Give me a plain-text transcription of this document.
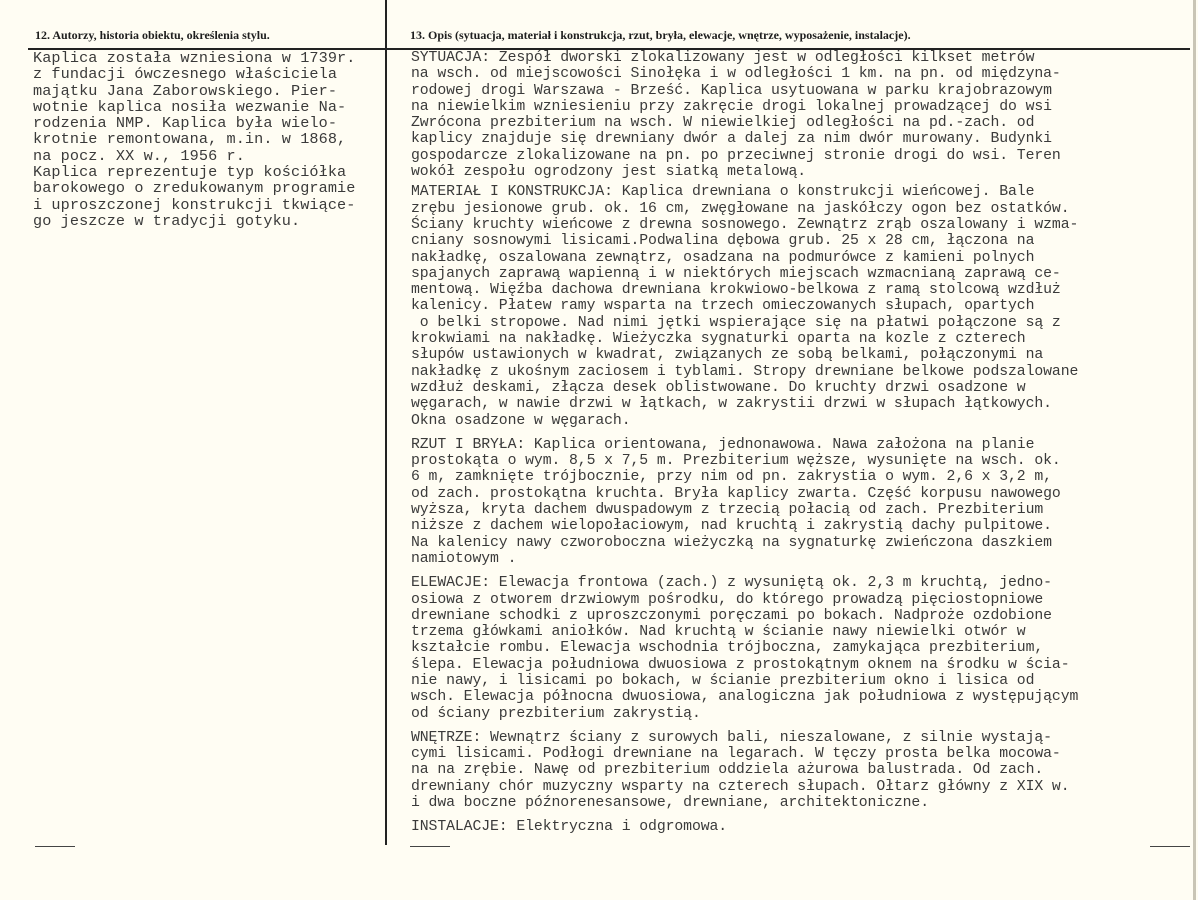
12. Autorzy, historia obiektu, określenia stylu.	13. Opis (sytuacja, materiał i konstrukcja, rzut, bryła, elewacje, wnętrze, wyposażenie, instalacje).
Kaplica została wzniesiona w 1739r.
z fundacji ówczesnego właściciela
majątku Jana Zaborowskiego. Pier-
wotnie kaplica nosiła wezwanie Na-
rodzenia NMP. Kaplica była wielo-
krotnie remontowana, m.in. w 1868,
na pocz. XX w., 1956 r.
Kaplica reprezentuje typ kościółka
barokowego o zredukowanym programie
i uproszczonej konstrukcji tkwiące-
go jeszcze w tradycji gotyku.
SYTUACJA: Zespół dworski zlokalizowany jest w odległości kilkset metrów
na wsch. od miejscowości Sinołęka i w odległości 1 km. na pn. od międzyna-
rodowej drogi Warszawa - Brześć. Kaplica usytuowana w parku krajobrazowym
na niewielkim wzniesieniu przy zakręcie drogi lokalnej prowadzącej do wsi
Zwrócona prezbiterium na wsch. W niewielkiej odległości na pd.-zach. od
kaplicy znajduje się drewniany dwór a dalej za nim dwór murowany. Budynki
gospodarcze zlokalizowane na pn. po przeciwnej stronie drogi do wsi. Teren
wokół zespołu ogrodzony jest siatką metalową.
MATERIAŁ I KONSTRUKCJA: Kaplica drewniana o konstrukcji wieńcowej. Bale
zrębu jesionowe grub. ok. 16 cm, zwęgłowane na jaskółczy ogon bez ostatków.
Ściany kruchty wieńcowe z drewna sosnowego. Zewnątrz zrąb oszalowany i wzma-
cniany sosnowymi lisicami.Podwalina dębowa grub. 25 x 28 cm, łączona na
nakładkę, oszalowana zewnątrz, osadzana na podmurówce z kamieni polnych
spajanych zaprawą wapienną i w niektórych miejscach wzmacnianą zaprawą ce-
mentową. Więźba dachowa drewniana krokwiowo-belkowa z ramą stolcową wzdłuż
kalenicy. Płatew ramy wsparta na trzech omieczowanych słupach, opartych
o belki stropowe. Nad nimi jętki wspierające się na płatwi połączone są z
krokwiami na nakładkę. Wieżyczka sygnaturki oparta na kozle z czterech
słupów ustawionych w kwadrat, związanych ze sobą belkami, połączonymi na
nakładkę z ukośnym zaciosem i tyblami. Stropy drewniane belkowe podszalowane
wzdłuż deskami, złącza desek oblistwowane. Do kruchty drzwi osadzone w
węgarach, w nawie drzwi w łątkach, w zakrystii drzwi w słupach łątkowych.
Okna osadzone w węgarach.
RZUT I BRYŁA: Kaplica orientowana, jednonawowa. Nawa założona na planie
prostokąta o wym. 8,5 x 7,5 m. Prezbiterium węższe, wysunięte na wsch. ok.
6 m, zamknięte trójbocznie, przy nim od pn. zakrystia o wym. 2,6 x 3,2 m,
od zach. prostokątna kruchta. Bryła kaplicy zwarta. Część korpusu nawowego
wyższa, kryta dachem dwuspadowym z trzecią połacią od zach. Prezbiterium
niższe z dachem wielopołaciowym, nad kruchtą i zakrystią dachy pulpitowe.
Na kalenicy nawy czworoboczna wieżyczką na sygnaturkę zwieńczona daszkiem
namiotowym .
ELEWACJE: Elewacja frontowa (zach.) z wysuniętą ok. 2,3 m kruchtą, jedno-
osiowa z otworem drzwiowym pośrodku, do którego prowadzą pięciostopniowe
drewniane schodki z uproszczonymi poręczami po bokach. Nadproże ozdobione
trzema główkami aniołków. Nad kruchtą w ścianie nawy niewielki otwór w
kształcie rombu. Elewacja wschodnia trójboczna, zamykająca prezbiterium,
ślepa. Elewacja południowa dwuosiowa z prostokątnym oknem na środku w ścia-
nie nawy, i lisicami po bokach, w ścianie prezbiterium okno i lisica od
wsch. Elewacja północna dwuosiowa, analogiczna jak południowa z występującym
od ściany prezbiterium zakrystią.
WNĘTRZE: Wewnątrz ściany z surowych bali, nieszalowane, z silnie wystają-
cymi lisicami. Podłogi drewniane na legarach. W tęczy prosta belka mocowa-
na na zrębie. Nawę od prezbiterium oddziela ażurowa balustrada. Od zach.
drewniany chór muzyczny wsparty na czterech słupach. Ołtarz główny z XIX w.
i dwa boczne późnorenesansowe, drewniane, architektoniczne.
INSTALACJE: Elektryczna i odgromowa.
